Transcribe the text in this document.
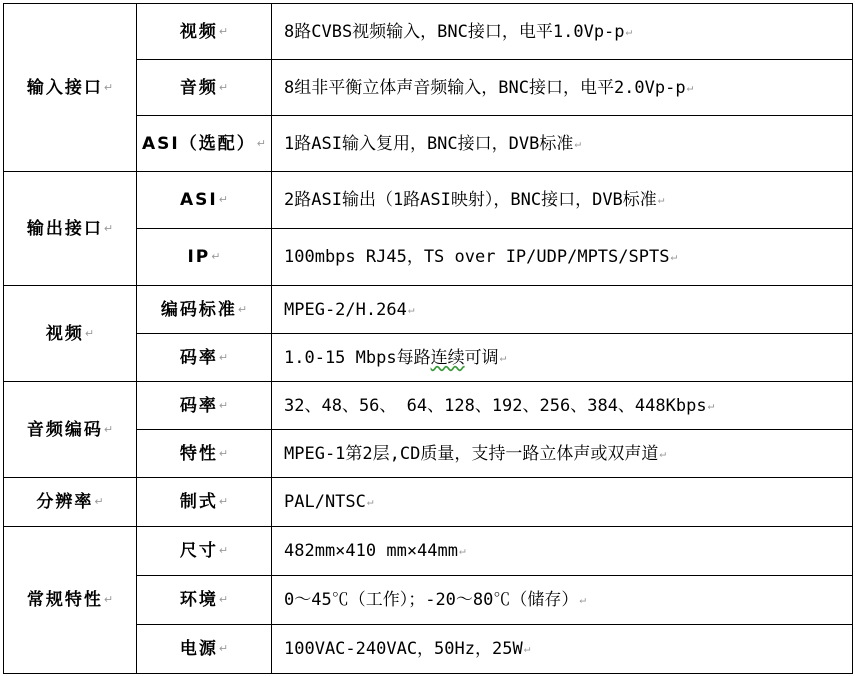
输入接口↵	视频↵	8路CVBS视频输入，BNC接口，电平1.0Vp-p↵
	音频↵	8组非平衡立体声音频输入，BNC接口，电平2.0Vp-p↵
	ASI（选配）↵	1路ASI输入复用，BNC接口，DVB标准↵
输出接口↵	ASI↵	2路ASI输出（1路ASI映射），BNC接口，DVB标准↵
	IP↵	100mbps RJ45，TS over IP/UDP/MPTS/SPTS↵
视频↵	编码标准↵	MPEG-2/H.264↵
	码率↵	1.0-15 Mbps每路连续可调↵
音频编码↵	码率↵	32、48、56、 64、128、192、256、384、448Kbps↵
	特性↵	MPEG-1第2层,CD质量，支持一路立体声或双声道↵
分辨率↵	制式↵	PAL/NTSC↵
常规特性↵	尺寸↵	482mm×410 mm×44mm↵
	环境↵	0～45℃（工作）；-20～80℃（储存）↵
	电源↵	100VAC-240VAC，50Hz，25W↵
